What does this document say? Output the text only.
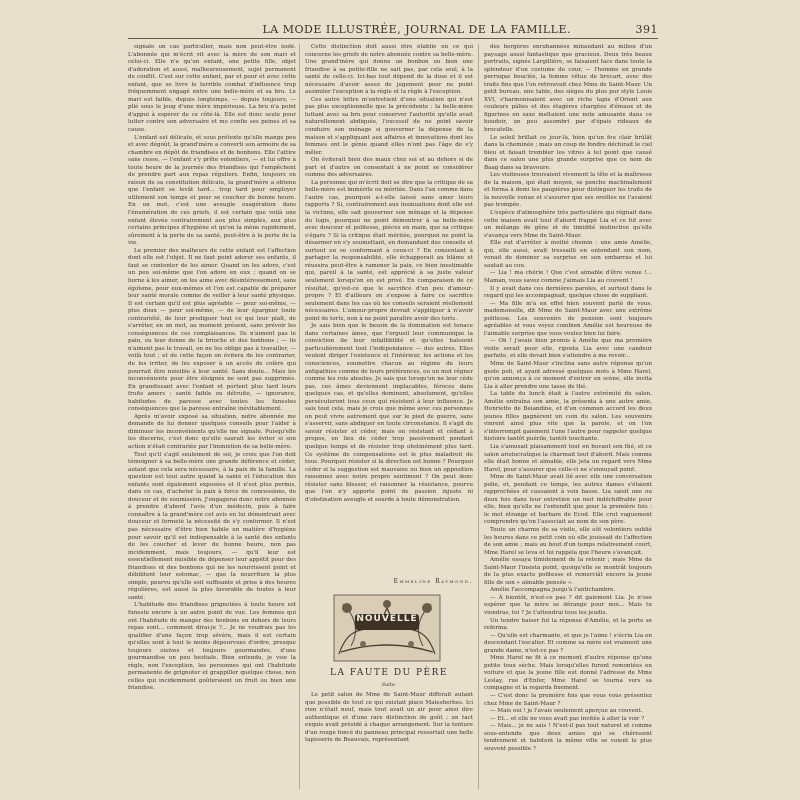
LA MODE ILLUSTRÉE, JOURNAL DE LA FAMILLE.	391

signale un cas particulier, mais non peut-être isolé. L'abonnée qui m'écrit vit avec la mère de son mari et celui-ci. Elle n'a qu'un enfant, une petite fille, objet d'adoration et aussi, malheureusement, sujet permanent de conflit. C'est sur cette enfant, par et pour et avec cette enfant, que se livre le terrible combat d'influence trop fréquemment engagé entre une belle-mère et sa bru. Le mari est faible, depuis longtemps, — depuis toujours, — plié sous le joug d'une mère impérieuse. La bru n'a point d'appui à espérer de ce côté-là. Elle est donc seule pour lutter contre son adversaire et me confie ses peines et sa cause.

L'enfant est délicate, et sous prétexte qu'elle mange peu et avec dégoût, la grand'mère a converti son armoire de sa chambre en dépôt de friandises et de bonbons. Elle l'attire sans cesse, — l'enfant s'y prête volontiers, — et lui offre à toute heure de la journée des friandises qui l'empêchent de prendre part aux repas réguliers. Enfin, toujours en raison de sa constitution délicate, la grand'mère a obtenu que l'enfant se levât tard... trop tard pour employer utilement son temps et pour se coucher de bonne heure. En un mot, c'est une aveugle exagération dans l'énumération de ces griefs, il est certain que voilà une enfant élevée contrairement aux plus simples, aux plus certains principes d'hygiène et qu'on la mène rapidement, sûrement à la perte de sa santé, peut-être à la perte de la vie.

Le premier des malheurs de cette enfant est l'affection dont elle est l'objet. Il ne faut point adorer ses enfants, il faut se contenter de les aimer. Quand on les adore, c'est un peu soi-même que l'on adore en eux ; quand on se borne à les aimer, on les aime avec désintéressement, sans égoïsme, pour eux-mêmes et l'on est capable de préparer leur santé morale comme de veiller à leur santé physique. Il est certain qu'il est plus agréable — pour soi-même, — plus doux — pour soi-même, — de leur épargner toute contrariété, de leur prodiguer tout ce qui leur plaît, de s'arrêter, en un mot, au moment présent, sans prévoir les conséquences de ces complaisances. Ils n'aiment pas le pain, ou leur donne de la brioche et des bonbons ; — ils n'aiment pas le travail, on ne les oblige pas à travailler, — voilà tout ; et de cette façon on évitera de les contrarier, de les irriter, de les exposer à un accès de colère qui pourrait être nuisible à leur santé. Sans doute... Mais les inconvénients pour être éloignés ne sont pas supprimés. En grandissant avec l'enfant et portent plus tard leurs fruits amers : santé faible ou détruite, — ignorance, habitudes de paresse avec toutes les funestes conséquences que la paresse entraîne inévitablement.

Après m'avoir exposé sa situation, notre abonnée me demande de lui donner quelques conseils pour l'aider à diminuer les inconvénients qu'elle me signale. Puisqu'elle les discerne, c'est donc qu'elle saurait les éviter si son action n'était contrariée par l'immixtion de sa belle-mère.

Tout qu'il s'agit seulement de soi, je crois que l'on doit témoigner à sa belle-mère une grande déférence et céder, autant que cela sera nécessaire, à la paix de la famille. La question est tout autre quand la santé et l'éducation des enfants sont également exposées et il n'est plus permis, dans ce cas, d'acheter la paix à force de concessions, de douceur et de soumission. J'engagerai donc notre abonnée à prendre d'abord l'avis d'un médecin, puis à faire connaître à la grand'mère cet avis en lui démontrant avec douceur et fermeté la nécessité de s'y conformer. Il n'est pas nécessaire d'être bien habile en matière d'hygiène pour savoir qu'il est indispensable à la santé des enfants de les coucher et lever de bonne heure, non pas incidemment, mais toujours, — qu'il leur est essentiellement nuisible de dépenser leur appétit pour des friandises et des bonbons qui ne les nourrissent point et débilitent leur estomac, — que la nourriture la plus simple, pourvu qu'elle soit suffisante et prise à des heures régulières, est aussi la plus favorable de toutes à leur santé.

L'habitude des friandises grignotées à toute heure est funeste encore à un autre point de vue. Les femmes qui ont l'habitude de manger des bonbons en dehors de leurs repas sont... comment dirai-je ?... Je ne voudrais pas les qualifier d'une façon trop sévère, mais il est certain qu'elles sont à tout le moins dépourvues d'ordre, presque toujours oisives et toujours gourmandes, d'une gourmandise un peu bestiale. Bien entendu, je vise la règle, non l'exception, les personnes qui ont l'habitude permanente de grignoter et grappiller quelque chose, non celles qui incidemment goûteraient un fruit ou bien une friandise.

Cette distinction doit aussi être établie en ce qui concerne les griefs de notre abonnée contre sa belle-mère. Une grand'mère qui donne un bonbon ou bien une friandise à sa petite-fille ne sait pas, par cela seul, à la santé de celle-ci. Ici-bas tout dépend de la dose et il est nécessaire d'avoir assez de jugement pour ne point assimiler l'exception à la règle et la règle à l'exception.

Ces autre lettre m'entretient d'une situation qui n'est pas plus exceptionnelle que la précédente : la belle-mère luttant avec sa bru pour conserver l'autorité qu'elle avait naturellement abdiquée, l'excessif de ne point savoir conduire son ménage si gouverner la dépense de la maison et s'appliquant aux affaires et innovations dont les femmes ont le génie quand elles n'ont pas l'âge de s'y mêler.

On éviterait bien des maux chez soi et au dehors si de part et d'autre on consentait à ne point se considérer comme des adversaires.

La personne qui m'écrit doit se dire que la critique de sa belle-mère est immérite ou méritée. Dans l'un comme dans l'autre cas, pourquoi a-t-elle laissé sans amer leurs rapports ? Si, contrairement aux insinuations dont elle est la victime, elle sait gouverner son ménage et la dépense du logis, pourquoi ne point démontrer à sa belle-mère avec douceur et politesse, pièces en main, que sa critique s'égare ? Si la critique était méritée, pourquoi ne point la désarmer en s'y soumettant, en demandant des conseils et surtout en se conformant à ceux-ci ? En consentant à partager la responsabilité, elle échapperait au blâme et réussira peut-être à ramener la paix, ce bien inestimable qui, pareil à la santé, est apprécié à sa juste valeur seulement lorsqu'on en est privé. En comparaison de ce résultat, qu'est-ce que le sacrifice d'un peu d'amour-propre ? Et d'ailleurs on s'expose à faire ce sacrifice seulement dans les cas où les conseils seraient réellement nécessaires. L'amour-propre devrait s'appliquer à n'avoir point de torts, non à ne point paraître avoir des torts.

Je sais bien que le besoin de la domination est tenace dans certaines âmes, que l'orgueil leur communique la conviction de leur infaillibilité et qu'elles haïssent particulièrement tout l'indépendance — des autres. Elles veulent diriger l'existence et l'intérieur, les actions et les consciences, soumettre chacun au régime de leurs antipathies comme de leurs préférences, ou un mot régner comme les rois absolus. Je sais que lorsqu'on ne leur cède pas, ces âmes deviennent implacables, féroces dans quelques cas, et qu'elles dominent, absolument, qu'elles persécuteront tous ceux qui résistent à leur influence. Je sais tout cela, mais je crois que même avec ces personnes on peut vivre autrement que sur le pied de guerre, sans s'asservir, sans abdiquer en toute circonstance. Il s'agit de savoir résister et céder, mais on résistant et cédant à propos, en lieu de céder trop passivement pendant quelque temps et de résister trop obstinément plus tard. Ce système de compensations est le plus maladroit de tous. Pourquoi résister si la direction est bonne ? Pourquoi céder si la suggestion est mauvaise ou bien un opposition raisonnez avec notre propre sentiment ? On peut donc résister sans blesser, et raisonner la résistance, pourvu que l'on n'y apporte point de passion injuste ni d'obstination aveugle et sourde à toute démonstration.

Emmeline Raymond.
NOUVELLE
LA FAUTE DU PÈRE
Suite.

Le petit salon de Mme de Saint-Maur différait autant que possible de tout ce qui existait place Malesherbes. Ici rien n'était neuf, mais tout avait un air pour ainsi dire authentique et d'une rare distinction de goût ; un tact exquis avait présidé à chaque arrangement. Sur la tenture d'un rouge foncé du panneau principal ressortait une belle tapisserie de Beauvais, représentant

des bergères enrubannées minaudant au milieu d'un paysage aussi fantastique que gracieux. Deux très beaux portraits, signés Largillière, se faisaient face dans toute la splendeur d'un costume de cour, — l'homme en grande perruque bouclée, la femme vêtue de brocart, avec des traits fins que l'on retrouvait chez Mme de Saint-Maur. Un petit bureau, une table, des sièges du plus pur style Louis XVI, s'harmonisaient avec un riche tapis d'Orient aux couleurs pâlies et des étagères chargées d'émaux et de figurines en saxe meltaient une note amusante dans ce boudoir, un peu assombri par d'épais rideaux de brocatelle.

Le soleil brillait ce jour-là, bien qu'un feu clair brûlât dans la cheminée ; mais un coup de fondre déchirait le ciel bleu et faisait trembler les vitres à tel point que causé dans ce salon une plus grande surprise que ce nom de Baag dans sa bravoure.

Les visiteuses trouvaient vivement la tête et la maîtresse de la maison, qui était moyen, se penche machinalement et forma à demi les paupières pour distinguer les traits de la nouvelle venue et s'assurer que ses oreilles ne l'avaient pas trompée.

L'espèce d'atmosphère très particulière qui régnait dans cette maison avait tout d'abord frappé Lia et ce fut avec un mélange de gêne et de timidité instinctive qu'elle s'avança vers Mme de Saint-Maur.

Elle eut d'arrêter à moitié chemin : une amie Amélie, qui, elle aussi, avait tressailli en entendant son nom, venait de dominer sa surprise en son embarras et lui sautait au cou.

— Lia ! ma chérie ! Que c'est aimable d'être venue !... Maman, vous savez comme j'aimais Lia au couvent !

Il y avait dans ces dernières paroles, et surtout dans le regard qui les accompagnait, quelque chose de suppliant.

— Ma fille m'a en effet bien souvent parlé de vous, mademoiselle, dit Mme de Saint-Maur avec une extrême politesse. Les souvenirs de pension sont toujours agréables et vous voyez combien Amélie est heureuse de l'aimable surprise que vous voulez bien lui faire.

— Oh ! j'avais bien promis à Amélie que ma première visite serait pour elle, riposta Lia avec une candeur parfaite, et elle devait bien s'attendre à me revoir...

Mme de Saint-Maur s'inclina sans autre réponse qu'un geste poli, et ayant adressé quelques mots à Mme Harel, qu'on annonça à ce moment d'entrer en scène, elle invita Lia à aller prendre une tasse de thé.

La table du lunch était à l'autre extrémité du salon. Amélie entraîna son amie, la présenta à une autre amie, Henriette de Beiandine, et d'un commun accord les deux jeunes filles gagnèrent un coin du salon. Les souvenirs vinrent ainsi plus vite que la parole, et on l'on s'interrompit gaiement l'une l'autre pour rappeler quelque histoire tantôt puérile, tantôt touchante.

Lia s'amusait plaisamment tout en buvant son thé, et ce salon aristocratique la charmait tout d'abord. Mais comme elle était bonne et aimable, elle jeta un regard vers Mme Harel, pour s'assurer que celle-ci ne s'ennuyait point.

Mme de Saint-Maur avait lié avec elle une conversation polie, et, pendant ce temps, les autres dames s'étaient rapprochées et causaient à voix basse. Lia saisit une ou deux fois dans leur entretien un mot indéchiffrable pour elle, bien qu'elle ne l'entendît que pour la première fois : le mot étrange et barbare de Ecod. Elle crut vaguement comprendre qu'on l'associait au nom de son père.

Toute un charme de sa visite, elle eût volontiers oublié les heures dans ce petit coin où elle jouissait de l'affection de son amie ; mais au bout d'un temps relativement court, Mme Harel se leva et lui rappela que l'heure s'avançait.

Amélie essaya timidement de la retenir ; mais Mme de Saint-Maur l'insista point, quoiqu'elle se montrât toujours de la plus exacte politesse et remerciât encore la jeune fille de son « aimable pensée ».

Amélie l'accompagna jusqu'à l'antichambre.

— À bientôt, n'est-ce pas ? dit gaiement Lia. Je n'ose espérer que ta mère se dérange pour moi... Mais tu viendras, toi ? Je t'attendrai tous les jeudis.

Un tendre baiser fut la réponse d'Amélie, et la porte se referma.

— Qu'elle est charmante, et que je l'aime ! s'écria Lia en descendant l'escalier. Et comme sa mère est vraiment une grande dame, n'est-ce pas ?

Mme Harel ne fit à ce moment d'autre réponse qu'une petite toux sèche. Mais lorsqu'elles furent remontées en voiture et que la jeune fille eut donné l'adresse de Mme Leslay, rue d'Enfer, Mme Harel se tourna vers sa compagne et la regarda fixement.

— C'est donc la première fois que vous vous présentez chez Mme de Saint-Maur ?

— Mais oui ! je l'avais seulement aperçue au couvent.

— Et... et elle ne vous avait pas invitée à aller la voir ?

— Mais... je ne sais ! N'est-il pas tout naturel et comme sous-entendu que deux amies qui se chérissent tendrement et habitent la même ville se voient le plus souvent possible ?
